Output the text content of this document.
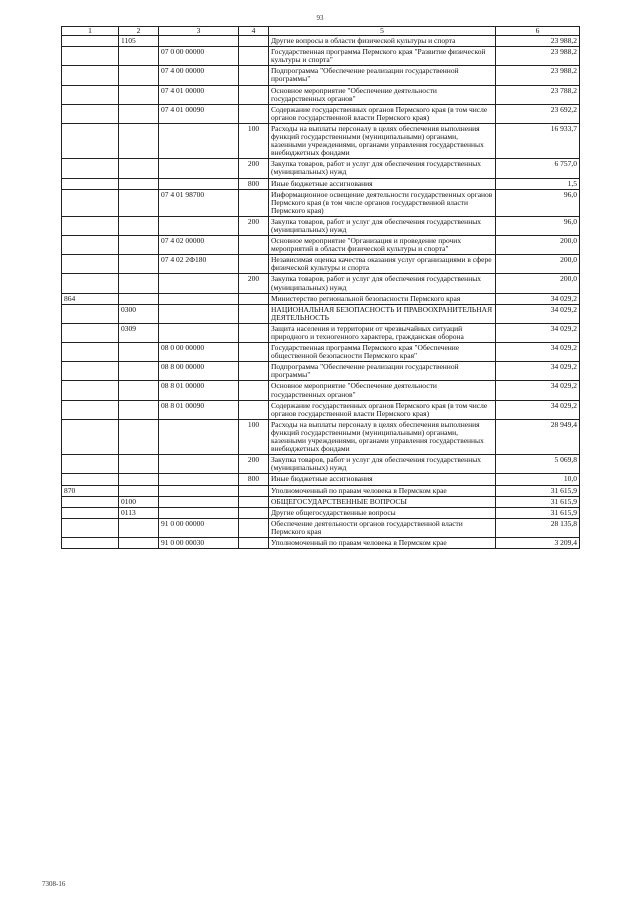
93
1	2	3	4	5	6
	1105			Другие вопросы в области физической культуры и спорта	23 988,2
		07 0 00 00000		Государственная программа Пермского края "Развитие физической культуры и спорта"	23 988,2
		07 4 00 00000		Подпрограмма "Обеспечение реализации государственной программы"	23 988,2
		07 4 01 00000		Основное мероприятие "Обеспечение деятельности государственных органов"	23 788,2
		07 4 01 00090		Содержание государственных органов Пермского края (в том числе органов государственной власти Пермского края)	23 692,2
			100	Расходы на выплаты персоналу в целях обеспечения выполнения функций государственными (муниципальными) органами, казенными учреждениями, органами управления государственных внебюджетных фондами	16 933,7
			200	Закупка товаров, работ и услуг для обеспечения государственных (муниципальных) нужд	6 757,0
			800	Иные бюджетные ассигнования	1,5
		07 4 01 98700		Информационное освещение деятельности государственных органов Пермского края (в том числе органов государственной власти Пермского края)	96,0
			200	Закупка товаров, работ и услуг для обеспечения государственных (муниципальных) нужд	96,0
		07 4 02 00000		Основное мероприятие "Организация и проведение прочих мероприятий в области физической культуры и спорта"	200,0
		07 4 02 2Ф180		Независимая оценка качества оказания услуг организациями в сфере физической культуры и спорта	200,0
			200	Закупка товаров, работ и услуг для обеспечения государственных (муниципальных) нужд	200,0
864				Министерство региональной безопасности Пермского края	34 029,2
	0300			НАЦИОНАЛЬНАЯ БЕЗОПАСНОСТЬ И ПРАВООХРАНИТЕЛЬНАЯ ДЕЯТЕЛЬНОСТЬ	34 029,2
	0309			Защита населения и территории от чрезвычайных ситуаций природного и техногенного характера, гражданская оборона	34 029,2
		08 0 00 00000		Государственная программа Пермского края "Обеспечение общественной безопасности Пермского края"	34 029,2
		08 8 00 00000		Подпрограмма "Обеспечение реализации государственной программы"	34 029,2
		08 8 01 00000		Основное мероприятие "Обеспечение деятельности государственных органов"	34 029,2
		08 8 01 00090		Содержание государственных органов Пермского края (в том числе органов государственной власти Пермского края)	34 029,2
			100	Расходы на выплаты персоналу в целях обеспечения выполнения функций государственными (муниципальными) органами, казенными учреждениями, органами управления государственных внебюджетных фондами	28 949,4
			200	Закупка товаров, работ и услуг для обеспечения государственных (муниципальных) нужд	5 069,8
			800	Иные бюджетные ассигнования	10,0
870				Уполномоченный по правам человека в Пермском крае	31 615,9
	0100			ОБЩЕГОСУДАРСТВЕННЫЕ ВОПРОСЫ	31 615,9
	0113			Другие общегосударственные вопросы	31 615,9
		91 0 00 00000		Обеспечение деятельности органов государственной власти Пермского края	28 135,8
		91 0 00 00030		Уполномоченный по правам человека в Пермском крае	3 209,4
7308-16
